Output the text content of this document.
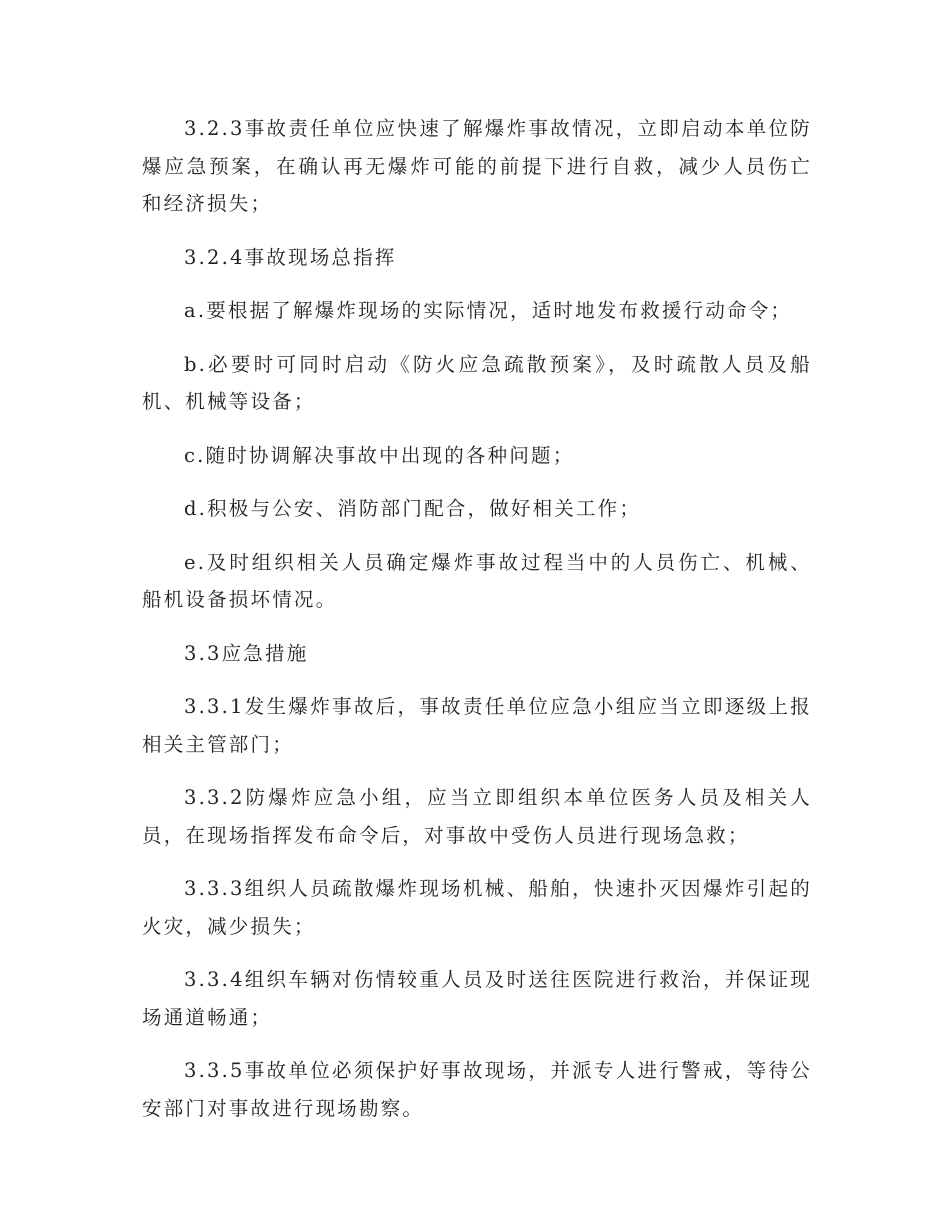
3.2.3事故责任单位应快速了解爆炸事故情况，立即启动本单位防爆应急预案，在确认再无爆炸可能的前提下进行自救，减少人员伤亡和经济损失；

3.2.4事故现场总指挥

a.要根据了解爆炸现场的实际情况，适时地发布救援行动命令；

b.必要时可同时启动《防火应急疏散预案》，及时疏散人员及船机、机械等设备；

c.随时协调解决事故中出现的各种问题；

d.积极与公安、消防部门配合，做好相关工作；

e.及时组织相关人员确定爆炸事故过程当中的人员伤亡、机械、船机设备损坏情况。

3.3应急措施

3.3.1发生爆炸事故后，事故责任单位应急小组应当立即逐级上报相关主管部门；

3.3.2防爆炸应急小组，应当立即组织本单位医务人员及相关人员，在现场指挥发布命令后，对事故中受伤人员进行现场急救；

3.3.3组织人员疏散爆炸现场机械、船舶，快速扑灭因爆炸引起的火灾，减少损失；

3.3.4组织车辆对伤情较重人员及时送往医院进行救治，并保证现场通道畅通；

3.3.5事故单位必须保护好事故现场，并派专人进行警戒，等待公安部门对事故进行现场勘察。
